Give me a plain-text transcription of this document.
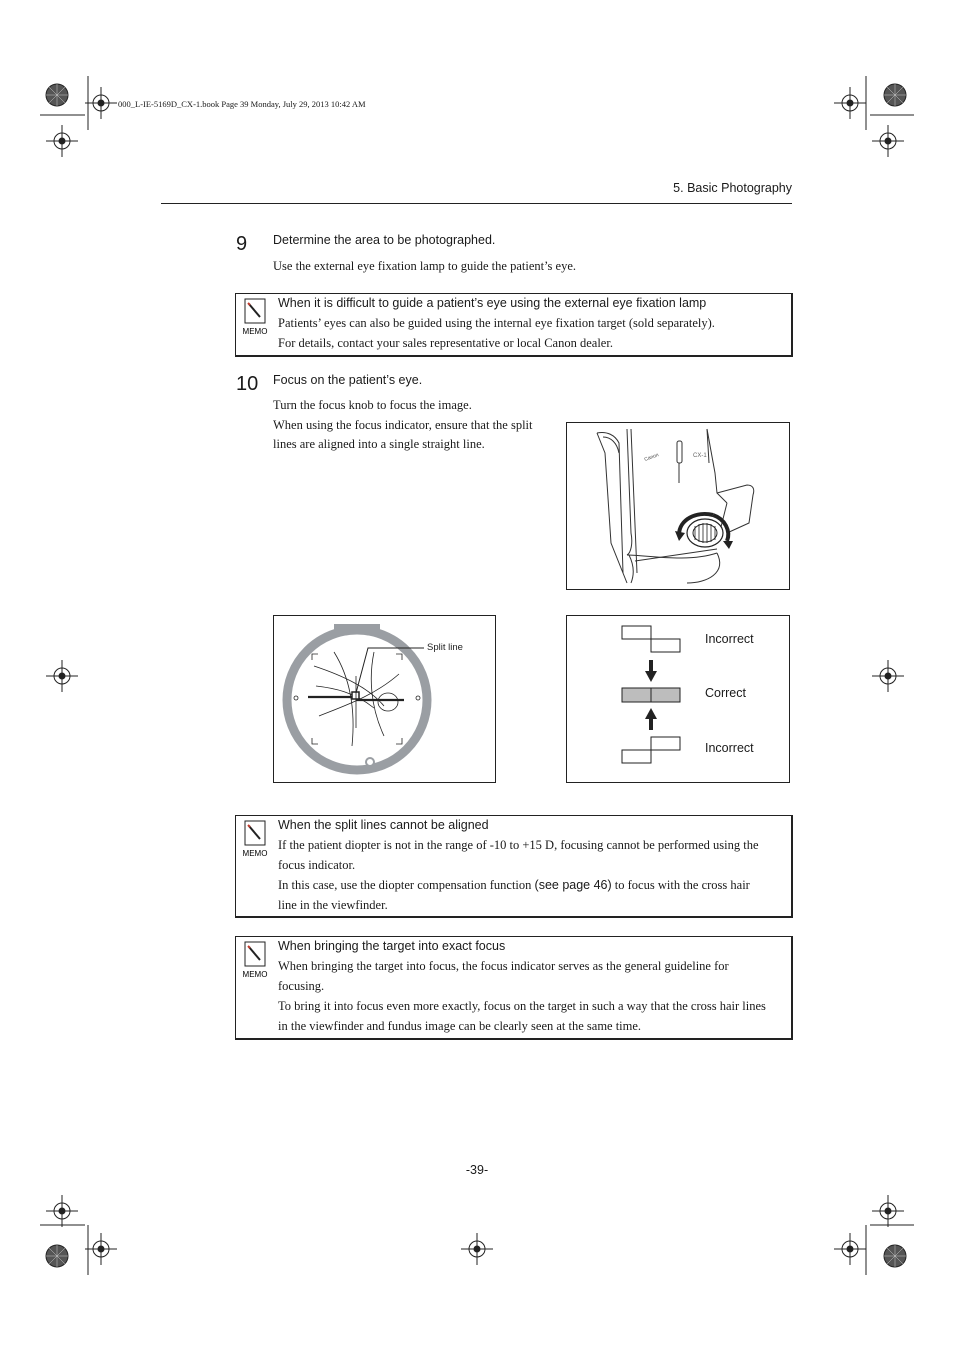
000_L-IE-5169D_CX-1.book Page 39 Monday, July 29, 2013 10:42 AM
5. Basic Photography
9 Determine the area to be photographed.
Use the external eye fixation lamp to guide the patient’s eye.
MEMO
When it is difficult to guide a patient’s eye using the external eye fixation lamp
Patients’ eyes can also be guided using the internal eye fixation target (sold separately).
For details, contact your sales representative or local Canon dealer.
10 Focus on the patient’s eye.
Turn the focus knob to focus the image.
When using the focus indicator, ensure that the split
lines are aligned into a single straight line.
Canon	CX-1
Split line
Incorrect
Correct
Incorrect
MEMO
When the split lines cannot be aligned
If the patient diopter is not in the range of -10 to +15 D, focusing cannot be performed using the
focus indicator.
In this case, use the diopter compensation function (see page 46) to focus with the cross hair
line in the viewfinder.
MEMO
When bringing the target into exact focus
When bringing the target into focus, the focus indicator serves as the general guideline for
focusing.
To bring it into focus even more exactly, focus on the target in such a way that the cross hair lines
in the viewfinder and fundus image can be clearly seen at the same time.
-39-
